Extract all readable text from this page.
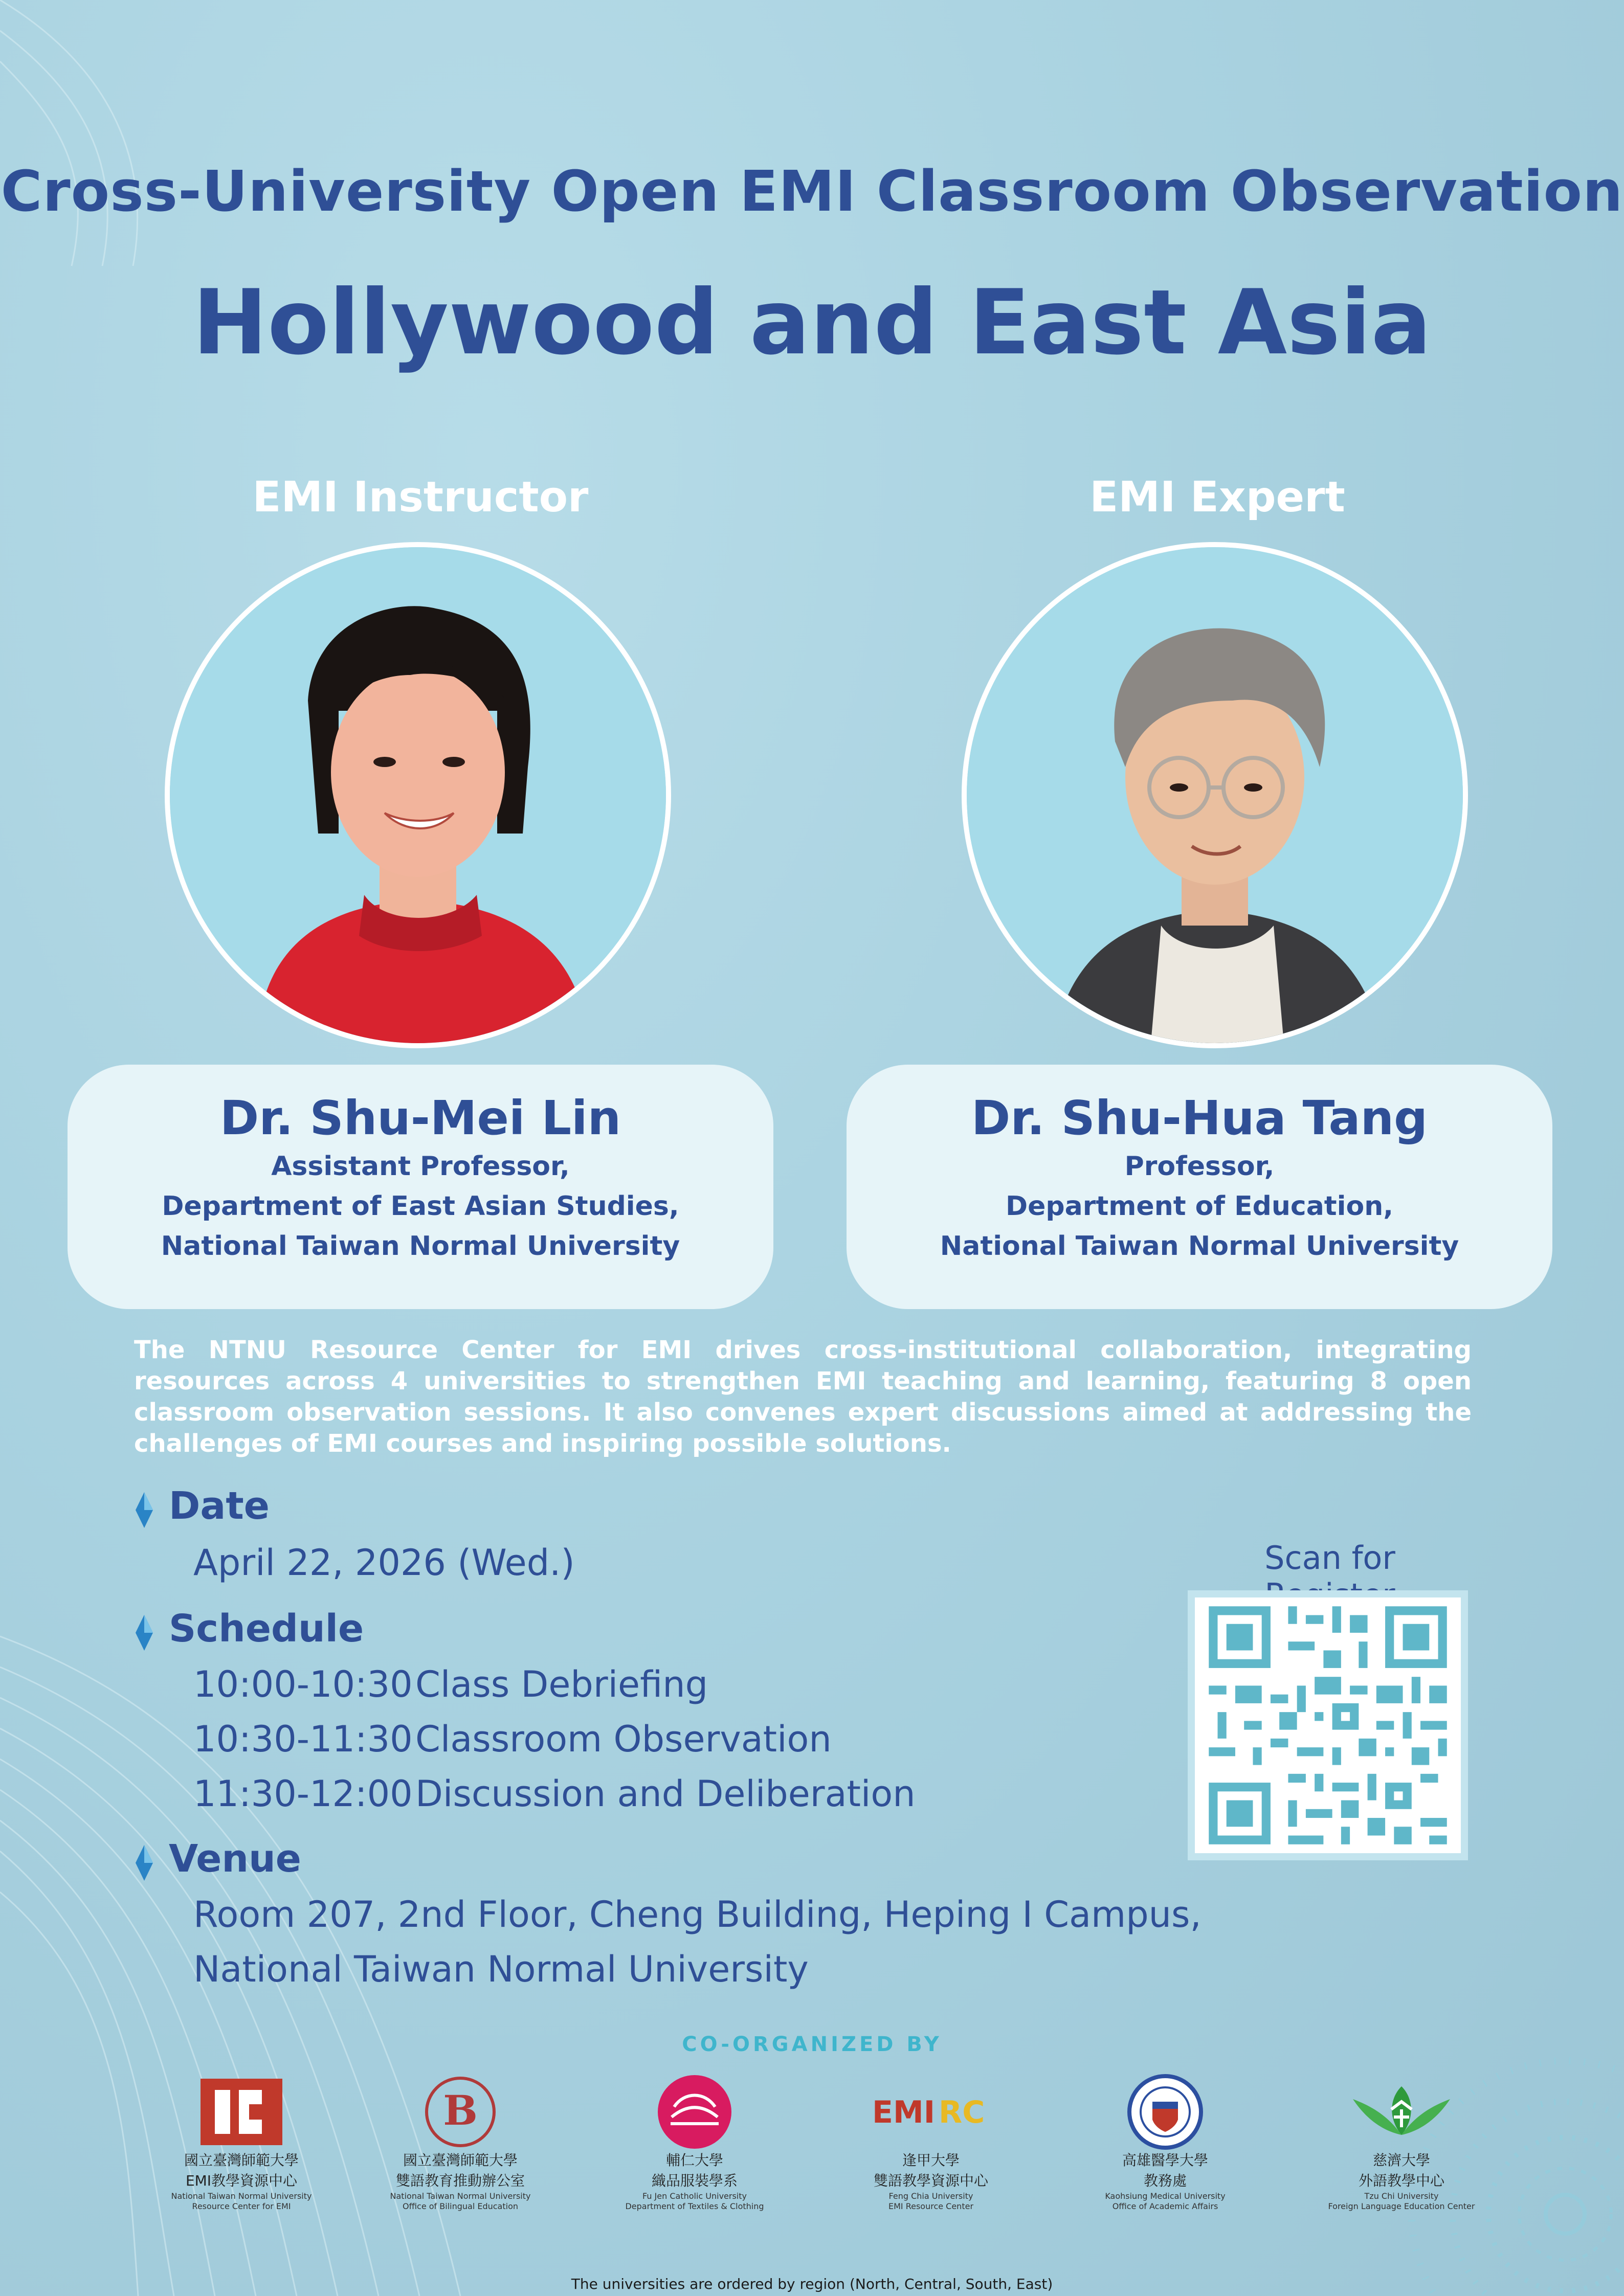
Cross-University Open EMI Classroom Observation
Hollywood and East Asia
EMI Instructor	EMI Expert
Dr. Shu-Mei Lin
Assistant Professor,
Department of East Asian Studies,
National Taiwan Normal University
Dr. Shu-Hua Tang
Professor,
Department of Education,
National Taiwan Normal University
The NTNU Resource Center for EMI drives cross-institutional collaboration, integrating resources across 4 universities to strengthen EMI teaching and learning, featuring 8 open classroom observation sessions. It also convenes expert discussions aimed at addressing the challenges of EMI courses and inspiring possible solutions.
Date
April 22, 2026 (Wed.)
Schedule
10:00-10:30 Class Debriefing
10:30-11:30 Classroom Observation
11:30-12:00 Discussion and Deliberation
Venue
Room 207, 2nd Floor, Cheng Building, Heping I Campus,
National Taiwan Normal University
Scan for
CO-ORGANIZED BY
國立臺灣師範大學
EMI教學資源中心
National Taiwan Normal University
Resource Center for EMI
B
國立臺灣師範大學
雙語教育推動辦公室
National Taiwan Normal University
Office of Bilingual Education
輔仁大學
織品服裝學系
Fu Jen Catholic University
Department of Textiles & Clothing
EMI RC
逢甲大學
雙語教學資源中心
Feng Chia University
EMI Resource Center
高雄醫學大學
教務處
Kaohsiung Medical University
Office of Academic Affairs
慈濟大學
外語教學中心
Tzu Chi University
Foreign Language Education Center
The universities are ordered by region (North, Central, South, East)
